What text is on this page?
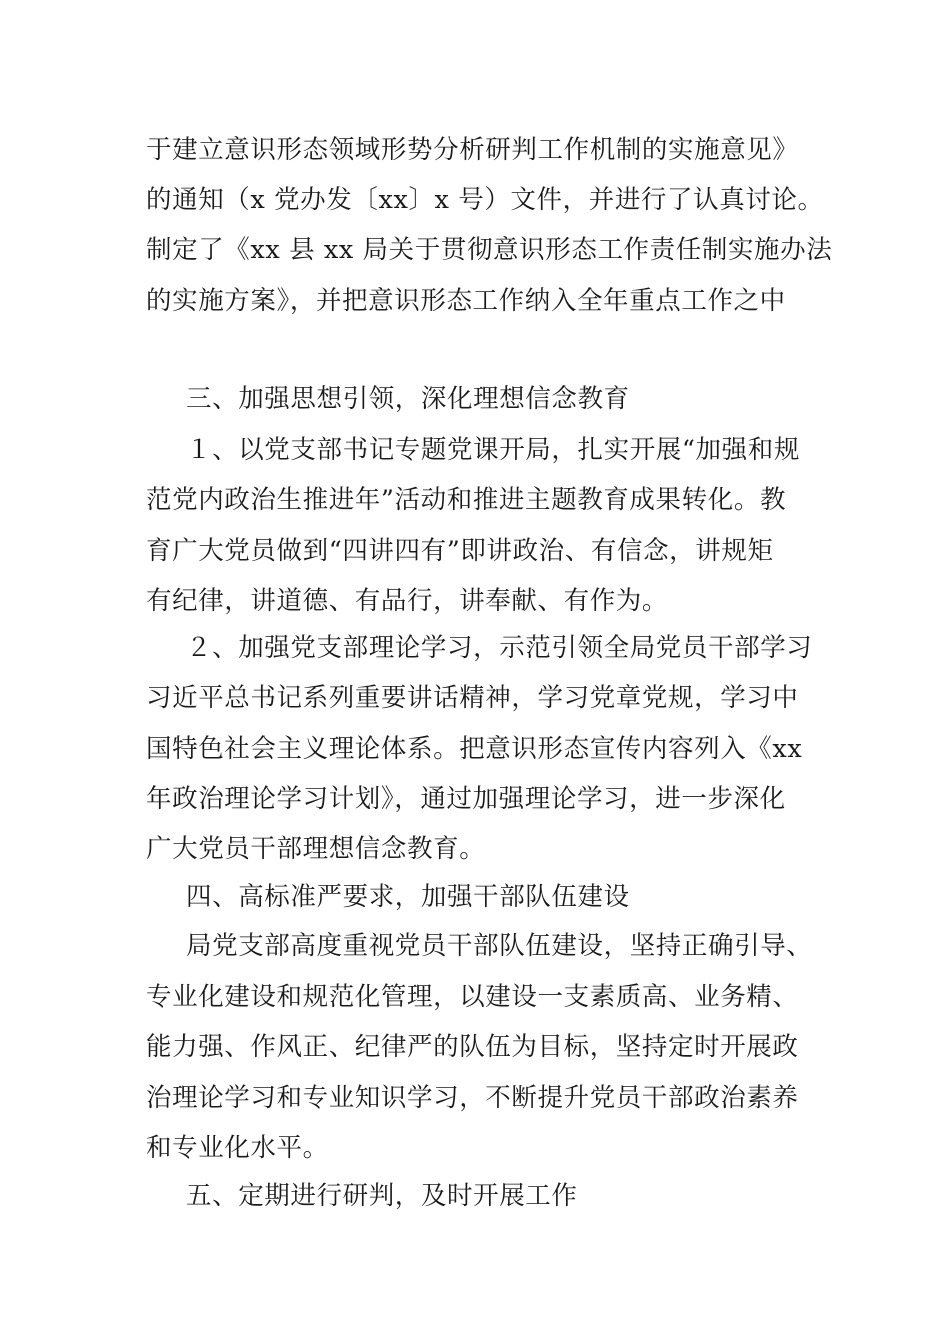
于建立意识形态领域形势分析研判工作机制的实施意见》
的通知（x 党办发〔xx〕x 号）文件，并进行了认真讨论。
制定了《xx 县 xx 局关于贯彻意识形态工作责任制实施办法
的实施方案》，并把意识形态工作纳入全年重点工作之中
三、加强思想引领，深化理想信念教育
１、以党支部书记专题党课开局，扎实开展“加强和规
范党内政治生推进年”活动和推进主题教育成果转化。教
育广大党员做到“四讲四有”即讲政治、有信念，讲规矩
有纪律，讲道德、有品行，讲奉献、有作为。
２、加强党支部理论学习，示范引领全局党员干部学习
习近平总书记系列重要讲话精神，学习党章党规，学习中
国特色社会主义理论体系。把意识形态宣传内容列入《xx
年政治理论学习计划》，通过加强理论学习，进一步深化
广大党员干部理想信念教育。
四、高标准严要求，加强干部队伍建设
局党支部高度重视党员干部队伍建设，坚持正确引导、
专业化建设和规范化管理，以建设一支素质高、业务精、
能力强、作风正、纪律严的队伍为目标，坚持定时开展政
治理论学习和专业知识学习，不断提升党员干部政治素养
和专业化水平。
五、定期进行研判，及时开展工作
